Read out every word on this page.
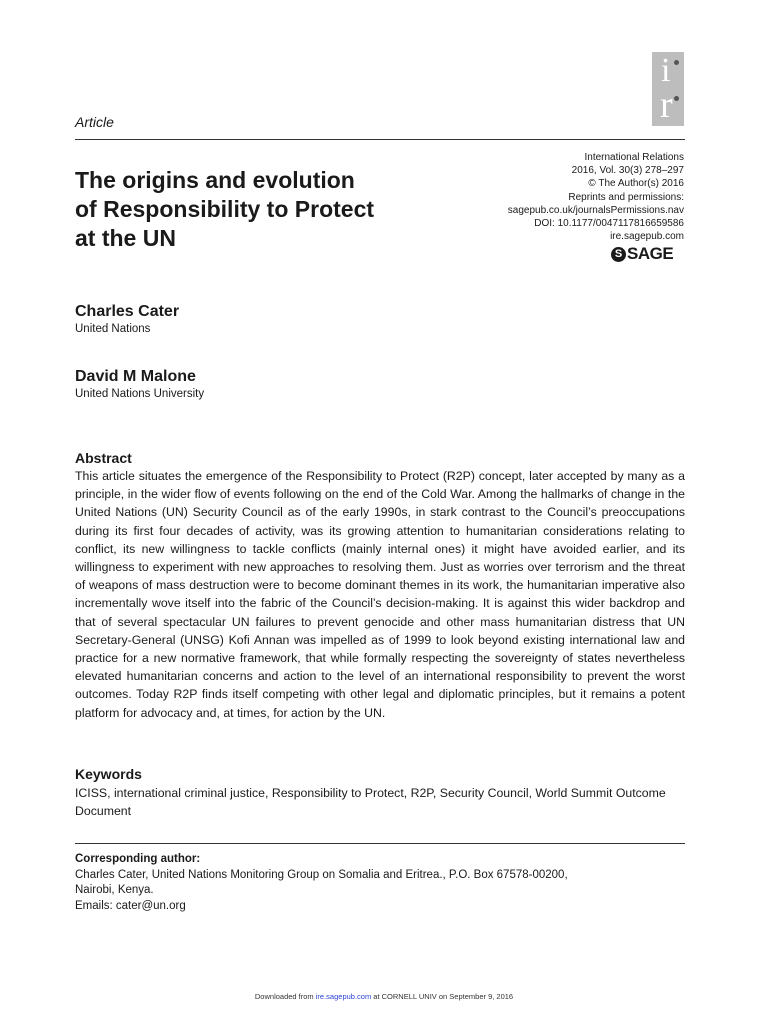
i
r
Article
The origins and evolution
of Responsibility to Protect
at the UN
International Relations
2016, Vol. 30(3) 278–297
© The Author(s) 2016
Reprints and permissions:
sagepub.co.uk/journalsPermissions.nav
DOI: 10.1177/0047117816659586
ire.sagepub.com
S SAGE
Charles Cater
United Nations
David M Malone
United Nations University
Abstract
This article situates the emergence of the Responsibility to Protect (R2P) concept, later accepted by many as a principle, in the wider flow of events following on the end of the Cold War. Among the hallmarks of change in the United Nations (UN) Security Council as of the early 1990s, in stark contrast to the Council’s preoccupations during its first four decades of activity, was its growing attention to humanitarian considerations relating to conflict, its new willingness to tackle conflicts (mainly internal ones) it might have avoided earlier, and its willingness to experiment with new approaches to resolving them. Just as worries over terrorism and the threat of weapons of mass destruction were to become dominant themes in its work, the humanitarian imperative also incrementally wove itself into the fabric of the Council’s decision-making. It is against this wider backdrop and that of several spectacular UN failures to prevent genocide and other mass humanitarian distress that UN Secretary-General (UNSG) Kofi Annan was impelled as of 1999 to look beyond existing international law and practice for a new normative framework, that while formally respecting the sovereignty of states nevertheless elevated humanitarian concerns and action to the level of an international responsibility to prevent the worst outcomes. Today R2P finds itself competing with other legal and diplomatic principles, but it remains a potent platform for advocacy and, at times, for action by the UN.
Keywords
ICISS, international criminal justice, Responsibility to Protect, R2P, Security Council, World Summit Outcome Document
Corresponding author:
Charles Cater, United Nations Monitoring Group on Somalia and Eritrea., P.O. Box 67578-00200,
Nairobi, Kenya.
Emails: cater@un.org
Downloaded from ire.sagepub.com at CORNELL UNIV on September 9, 2016
